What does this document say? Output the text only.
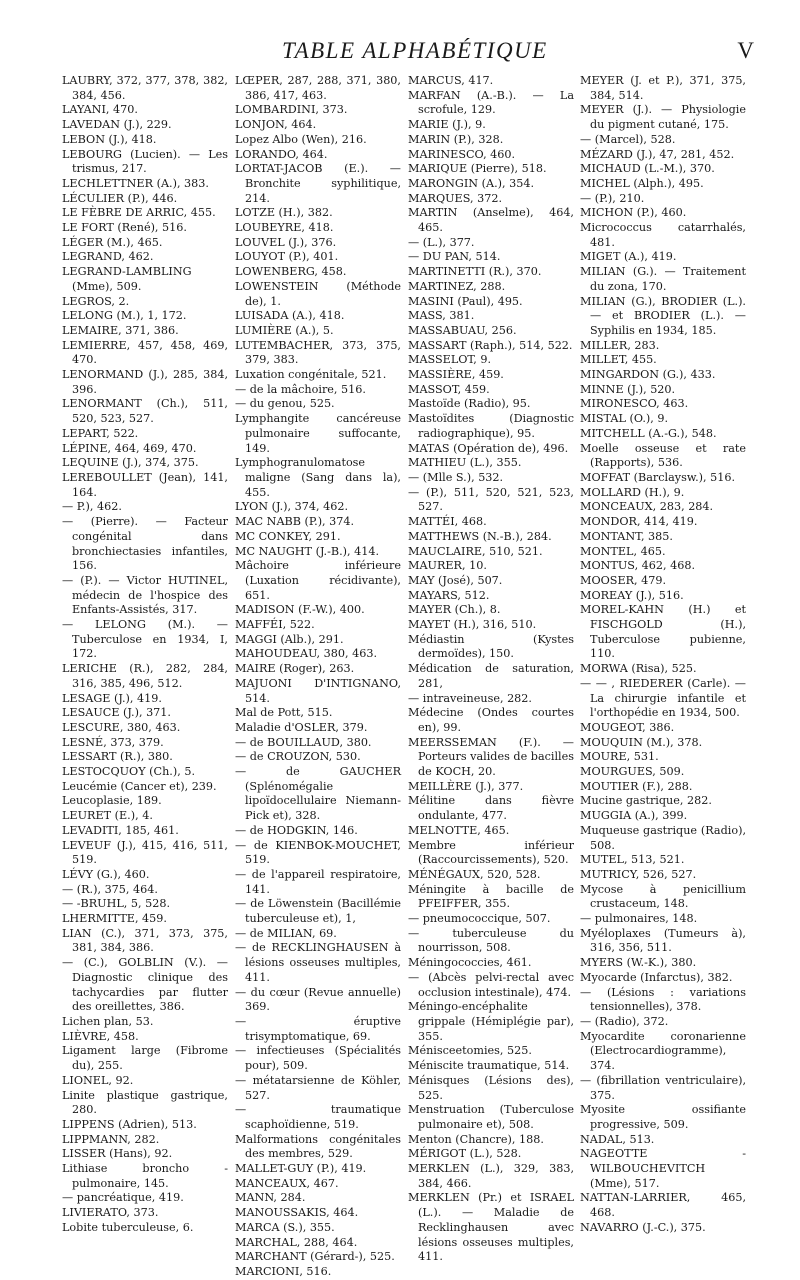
TABLE ALPHABÉTIQUE	V

LAUBRY, 372, 377, 378, 382, 384, 456.

LAYANI, 470.

LAVEDAN (J.), 229.

LEBON (J.), 418.

LEBOURG (Lucien). — Les trismus, 217.

LECHLETTNER (A.), 383.

LÉCULIER (P.), 446.

LE FÈBRE DE ARRIC, 455.

LE FORT (René), 516.

LÉGER (M.), 465.

LEGRAND, 462.

LEGRAND-LAMBLING (Mme), 509.

LEGROS, 2.

LELONG (M.), 1, 172.

LEMAIRE, 371, 386.

LEMIERRE, 457, 458, 469, 470.

LENORMAND (J.), 285, 384, 396.

LENORMANT (Ch.), 511, 520, 523, 527.

LEPART, 522.

LÉPINE, 464, 469, 470.

LEQUINE (J.), 374, 375.

LEREBOULLET (Jean), 141, 164.

— P.), 462.

— (Pierre). — Facteur congénital dans bronchiectasies infantiles, 156.

— (P.). — Victor HUTINEL, médecin de l'hospice des Enfants-Assistés, 317.

— LELONG (M.). — Tuberculose en 1934, I, 172.

LERICHE (R.), 282, 284, 316, 385, 496, 512.

LESAGE (J.), 419.

LESAUCE (J.), 371.

LESCURE, 380, 463.

LESNÉ, 373, 379.

LESSART (R.), 380.

LESTOCQUOY (Ch.), 5.

Leucémie (Cancer et), 239.

Leucoplasie, 189.

LEURET (E.), 4.

LEVADITI, 185, 461.

LEVEUF (J.), 415, 416, 511, 519.

LÉVY (G.), 460.

— (R.), 375, 464.

— -BRUHL, 5, 528.

LHERMITTE, 459.

LIAN (C.), 371, 373, 375, 381, 384, 386.

— (C.), GOLBLIN (V.). — Diagnostic clinique des tachycardies par flutter des oreillettes, 386.

Lichen plan, 53.

LIÈVRE, 458.

Ligament large (Fibrome du), 255.

LIONEL, 92.

Linite plastique gastrique, 280.

LIPPENS (Adrien), 513.

LIPPMANN, 282.

LISSER (Hans), 92.

Lithiase broncho - pulmonaire, 145.

— pancréatique, 419.

LIVIERATO, 373.

Lobite tuberculeuse, 6.

LŒPER, 287, 288, 371, 380, 386, 417, 463.

LOMBARDINI, 373.

LONJON, 464.

Lopez Albo (Wen), 216.

LORANDO, 464.

LORTAT-JACOB (E.). — Bronchite syphilitique, 214.

LOTZE (H.), 382.

LOUBEYRE, 418.

LOUVEL (J.), 376.

LOUYOT (P.), 401.

LOWENBERG, 458.

LOWENSTEIN (Méthode de), 1.

LUISADA (A.), 418.

LUMIÈRE (A.), 5.

LUTEMBACHER, 373, 375, 379, 383.

Luxation congénitale, 521.

— de la mâchoire, 516.

— du genou, 525.

Lymphangite cancéreuse pulmonaire suffocante, 149.

Lymphogranulomatose maligne (Sang dans la), 455.

LYON (J.), 374, 462.

MAC NABB (P.), 374.

MC CONKEY, 291.

MC NAUGHT (J.-B.), 414.

Mâchoire inférieure (Luxation récidivante), 651.

MADISON (F.-W.), 400.

MAFFÉI, 522.

MAGGI (Alb.), 291.

MAHOUDEAU, 380, 463.

MAIRE (Roger), 263.

MAJUONI D'INTIGNANO, 514.

Mal de Pott, 515.

Maladie d'OSLER, 379.

— de BOUILLAUD, 380.

— de CROUZON, 530.

— de GAUCHER (Splénomégalie lipoïdocellulaire Niemann-Pick et), 328.

— de HODGKIN, 146.

— de KIENBOK-MOUCHET, 519.

— de l'appareil respiratoire, 141.

— de Löwenstein (Bacillémie tuberculeuse et), 1,

— de MILIAN, 69.

— de RECKLINGHAUSEN à lésions osseuses multiples, 411.

— du cœur (Revue annuelle) 369.

— éruptive trisymptomatique, 69.

— infectieuses (Spécialités pour), 509.

— métatarsienne de Köhler, 527.

— traumatique scaphoïdienne, 519.

Malformations congénitales des membres, 529.

MALLET-GUY (P.), 419.

MANCEAUX, 467.

MANN, 284.

MANOUSSAKIS, 464.

MARCA (S.), 355.

MARCHAL, 288, 464.

MARCHANT (Gérard-), 525.

MARCIONI, 516.

MARCUS, 417.

MARFAN (A.-B.). — La scrofule, 129.

MARIE (J.), 9.

MARIN (P.), 328.

MARINESCO, 460.

MARIQUE (Pierre), 518.

MARONGIN (A.), 354.

MARQUES, 372.

MARTIN (Anselme), 464, 465.

— (L.), 377.

— DU PAN, 514.

MARTINETTI (R.), 370.

MARTINEZ, 288.

MASINI (Paul), 495.

MASS, 381.

MASSABUAU, 256.

MASSART (Raph.), 514, 522.

MASSELOT, 9.

MASSIÈRE, 459.

MASSOT, 459.

Mastoïde (Radio), 95.

Mastoïdites (Diagnostic radiographique), 95.

MATAS (Opération de), 496.

MATHIEU (L.), 355.

— (Mlle S.), 532.

— (P.), 511, 520, 521, 523, 527.

MATTÉI, 468.

MATTHEWS (N.-B.), 284.

MAUCLAIRE, 510, 521.

MAURER, 10.

MAY (José), 507.

MAYARS, 512.

MAYER (Ch.), 8.

MAYET (H.), 316, 510.

Médiastin (Kystes dermoïdes), 150.

Médication de saturation, 281,

— intraveineuse, 282.

Médecine (Ondes courtes en), 99.

MEERSSEMAN (F.). — Porteurs valides de bacilles de KOCH, 20.

MEILLÈRE (J.), 377.

Mélitine dans fièvre ondulante, 477.

MELNOTTE, 465.

Membre inférieur (Raccourcissements), 520.

MÉNÉGAUX, 520, 528.

Méningite à bacille de PFEIFFER, 355.

— pneumococcique, 507.

— tuberculeuse du nourrisson, 508.

Méningococcies, 461.

— (Abcès pelvi-rectal avec occlusion intestinale), 474.

Méningo-encéphalite grippale (Hémiplégie par), 355.

Ménisceetomies, 525.

Méniscite traumatique, 514.

Ménisques (Lésions des), 525.

Menstruation (Tuberculose pulmonaire et), 508.

Menton (Chancre), 188.

MÉRIGOT (L.), 528.

MERKLEN (L.), 329, 383, 384, 466.

MERKLEN (Pr.) et ISRAEL (L.). — Maladie de Recklinghausen avec lésions osseuses multiples, 411.

MEYER (J. et P.), 371, 375, 384, 514.

MEYER (J.). — Physiologie du pigment cutané, 175.

— (Marcel), 528.

MÉZARD (J.), 47, 281, 452.

MICHAUD (L.-M.), 370.

MICHEL (Alph.), 495.

— (P.), 210.

MICHON (P.), 460.

Micrococcus catarrhalés, 481.

MIGET (A.), 419.

MILIAN (G.). — Traitement du zona, 170.

MILIAN (G.), BRODIER (L.). — et BRODIER (L.). — Syphilis en 1934, 185.

MILLER, 283.

MILLET, 455.

MINGARDON (G.), 433.

MINNE (J.), 520.

MIRONESCO, 463.

MISTAL (O.), 9.

MITCHELL (A.-G.), 548.

Moelle osseuse et rate (Rapports), 536.

MOFFAT (Barclaysw.), 516.

MOLLARD (H.), 9.

MONCEAUX, 283, 284.

MONDOR, 414, 419.

MONTANT, 385.

MONTEL, 465.

MONTUS, 462, 468.

MOOSER, 479.

MOREAY (J.), 516.

MOREL-KAHN (H.) et FISCHGOLD (H.), Tuberculose pubienne, 110.

MORWA (Risa), 525.

— — , RIEDERER (Carle). — La chirurgie infantile et l'orthopédie en 1934, 500.

MOUGEOT, 386.

MOUQUIN (M.), 378.

MOURE, 531.

MOURGUES, 509.

MOUTIER (F.), 288.

Mucine gastrique, 282.

MUGGIA (A.), 399.

Muqueuse gastrique (Radio), 508.

MUTEL, 513, 521.

MUTRICY, 526, 527.

Mycose à penicillium crustaceum, 148.

— pulmonaires, 148.

Myéloplaxes (Tumeurs à), 316, 356, 511.

MYERS (W.-K.), 380.

Myocarde (Infarctus), 382.

— (Lésions : variations tensionnelles), 378.

— (Radio), 372.

Myocardite coronarienne (Electrocardiogramme), 374.

— (fibrillation ventriculaire), 375.

Myosite ossifiante progressive, 509.

NADAL, 513.

NAGEOTTE - WILBOUCHEVITCH (Mme), 517.

NATTAN-LARRIER, 465, 468.

NAVARRO (J.-C.), 375.
